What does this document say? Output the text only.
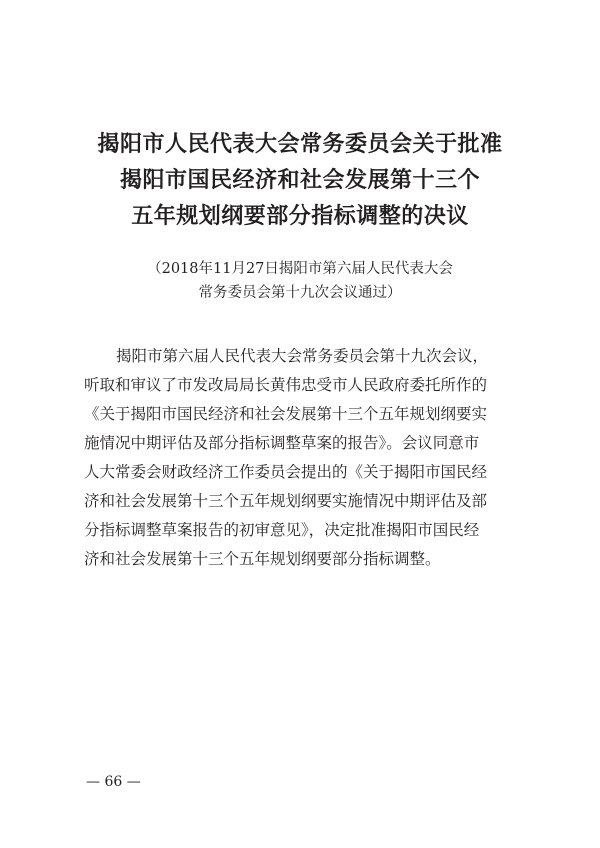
揭阳市人民代表大会常务委员会关于批准
揭阳市国民经济和社会发展第十三个
五年规划纲要部分指标调整的决议
（2018年11月27日揭阳市第六届人民代表大会
常务委员会第十九次会议通过）
揭阳市第六届人民代表大会常务委员会第十九次会议，
听取和审议了市发改局局长黄伟忠受市人民政府委托所作的
《关于揭阳市国民经济和社会发展第十三个五年规划纲要实
施情况中期评估及部分指标调整草案的报告》。会议同意市
人大常委会财政经济工作委员会提出的《关于揭阳市国民经
济和社会发展第十三个五年规划纲要实施情况中期评估及部
分指标调整草案报告的初审意见》，决定批准揭阳市国民经
济和社会发展第十三个五年规划纲要部分指标调整。
— 66 —
